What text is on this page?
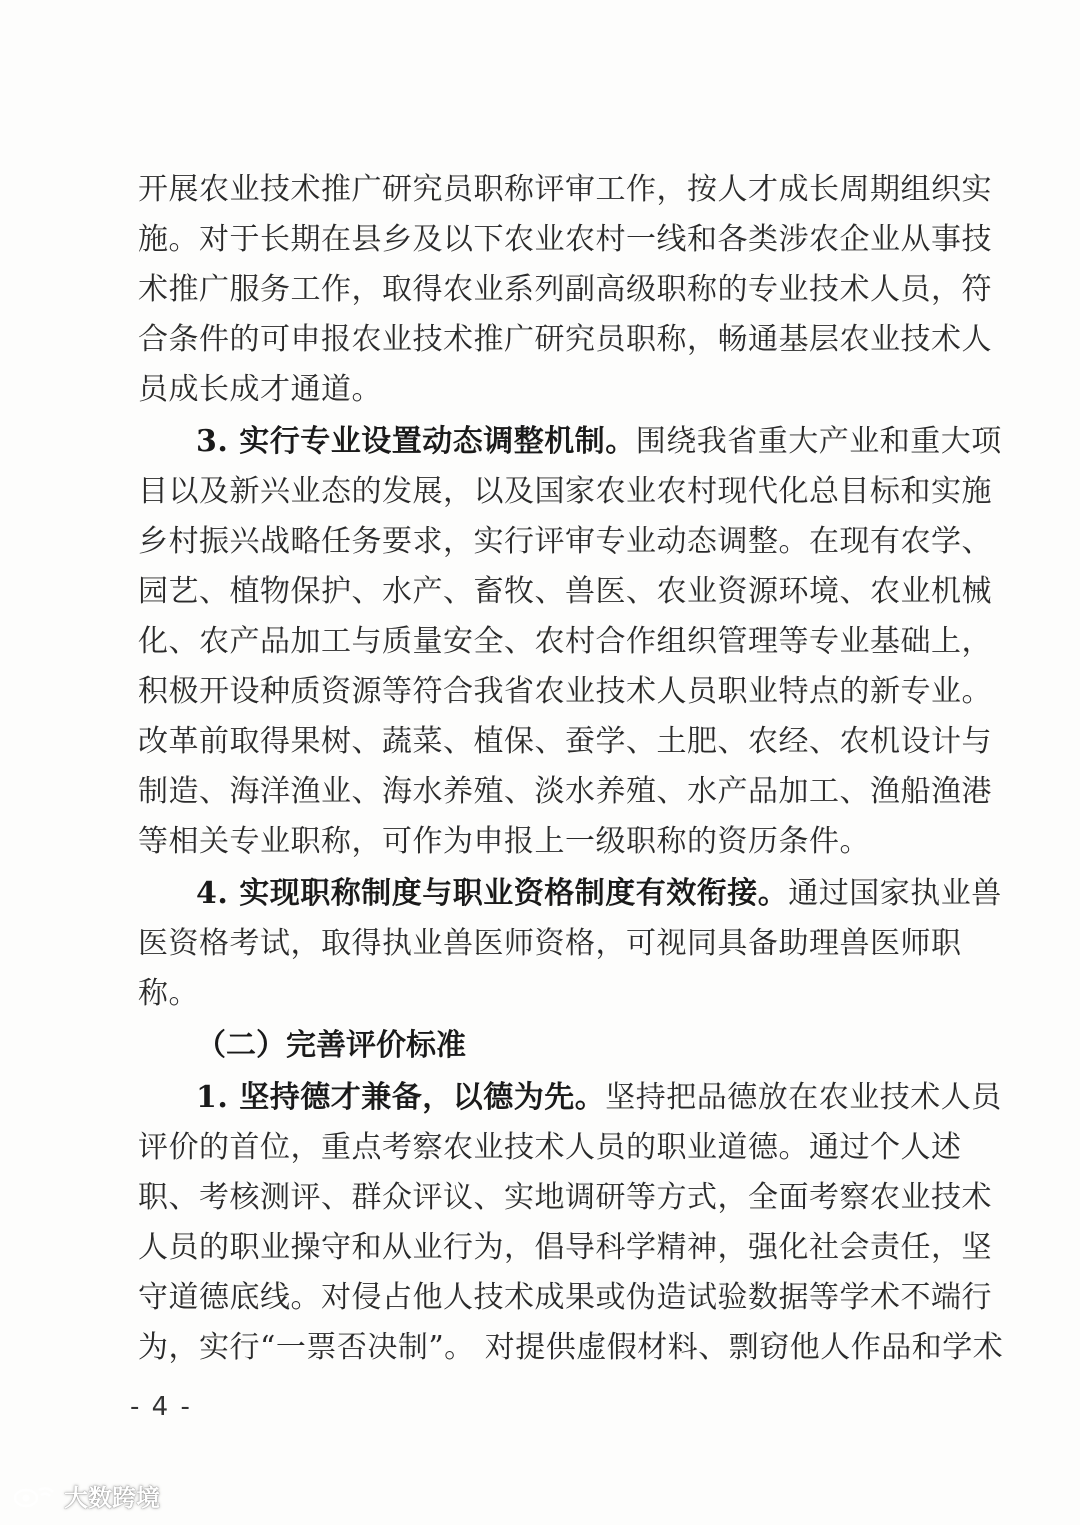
开展农业技术推广研究员职称评审工作，按人才成长周期组织实
施。对于长期在县乡及以下农业农村一线和各类涉农企业从事技
术推广服务工作，取得农业系列副高级职称的专业技术人员，符
合条件的可申报农业技术推广研究员职称，畅通基层农业技术人
员成长成才通道。
3. 实行专业设置动态调整机制。围绕我省重大产业和重大项
目以及新兴业态的发展，以及国家农业农村现代化总目标和实施
乡村振兴战略任务要求，实行评审专业动态调整。在现有农学、
园艺、植物保护、水产、畜牧、兽医、农业资源环境、农业机械
化、农产品加工与质量安全、农村合作组织管理等专业基础上，
积极开设种质资源等符合我省农业技术人员职业特点的新专业。
改革前取得果树、蔬菜、植保、蚕学、土肥、农经、农机设计与
制造、海洋渔业、海水养殖、淡水养殖、水产品加工、渔船渔港
等相关专业职称，可作为申报上一级职称的资历条件。
4. 实现职称制度与职业资格制度有效衔接。通过国家执业兽
医资格考试，取得执业兽医师资格，可视同具备助理兽医师职
称。
（二）完善评价标准
1. 坚持德才兼备，以德为先。坚持把品德放在农业技术人员
评价的首位，重点考察农业技术人员的职业道德。通过个人述
职、考核测评、群众评议、实地调研等方式，全面考察农业技术
人员的职业操守和从业行为，倡导科学精神，强化社会责任，坚
守道德底线。对侵占他人技术成果或伪造试验数据等学术不端行
为，实行“一票否决制”。 对提供虚假材料、剽窃他人作品和学术
- 4 -
大数跨境
